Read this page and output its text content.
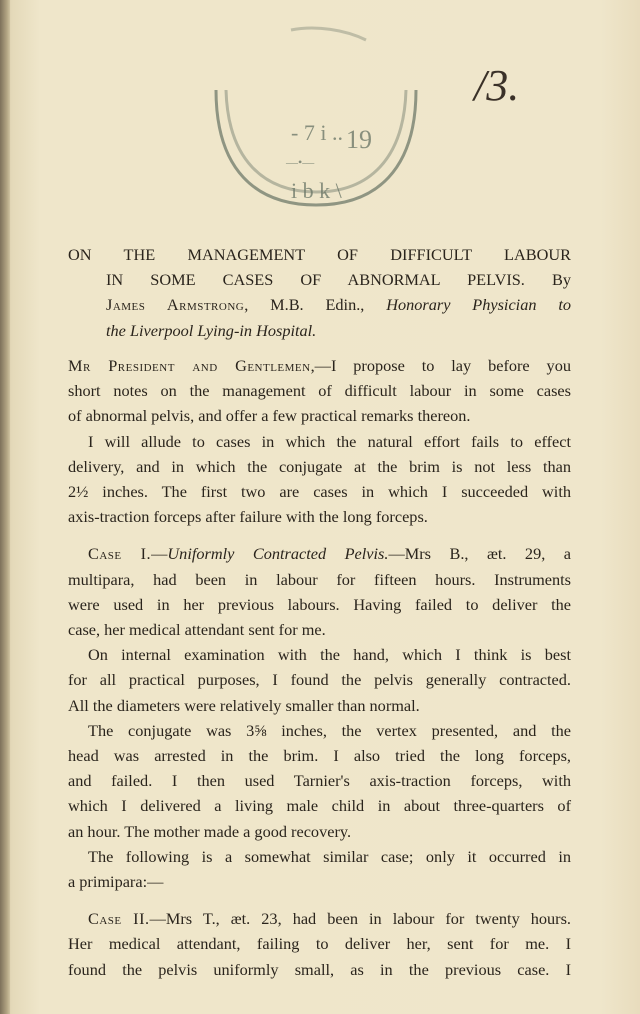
- 7 i .. 19
i b k \
—•—
/3.
ON THE MANAGEMENT OF DIFFICULT LABOUR
IN SOME CASES OF ABNORMAL PELVIS. By
James Armstrong, M.B. Edin., Honorary Physician to
the Liverpool Lying-in Hospital.
Mr President and Gentlemen,—I propose to lay before you
short notes on the management of difficult labour in some cases
of abnormal pelvis, and offer a few practical remarks thereon.
I will allude to cases in which the natural effort fails to effect
delivery, and in which the conjugate at the brim is not less than
2½ inches. The first two are cases in which I succeeded with
axis-traction forceps after failure with the long forceps.
Case I.—Uniformly Contracted Pelvis.—Mrs B., æt. 29, a
multipara, had been in labour for fifteen hours. Instruments
were used in her previous labours. Having failed to deliver the
case, her medical attendant sent for me.
On internal examination with the hand, which I think is best
for all practical purposes, I found the pelvis generally contracted.
All the diameters were relatively smaller than normal.
The conjugate was 3⅝ inches, the vertex presented, and the
head was arrested in the brim. I also tried the long forceps,
and failed. I then used Tarnier's axis-traction forceps, with
which I delivered a living male child in about three-quarters of
an hour. The mother made a good recovery.
The following is a somewhat similar case; only it occurred in
a primipara:—
Case II.—Mrs T., æt. 23, had been in labour for twenty hours.
Her medical attendant, failing to deliver her, sent for me. I
found the pelvis uniformly small, as in the previous case. I
